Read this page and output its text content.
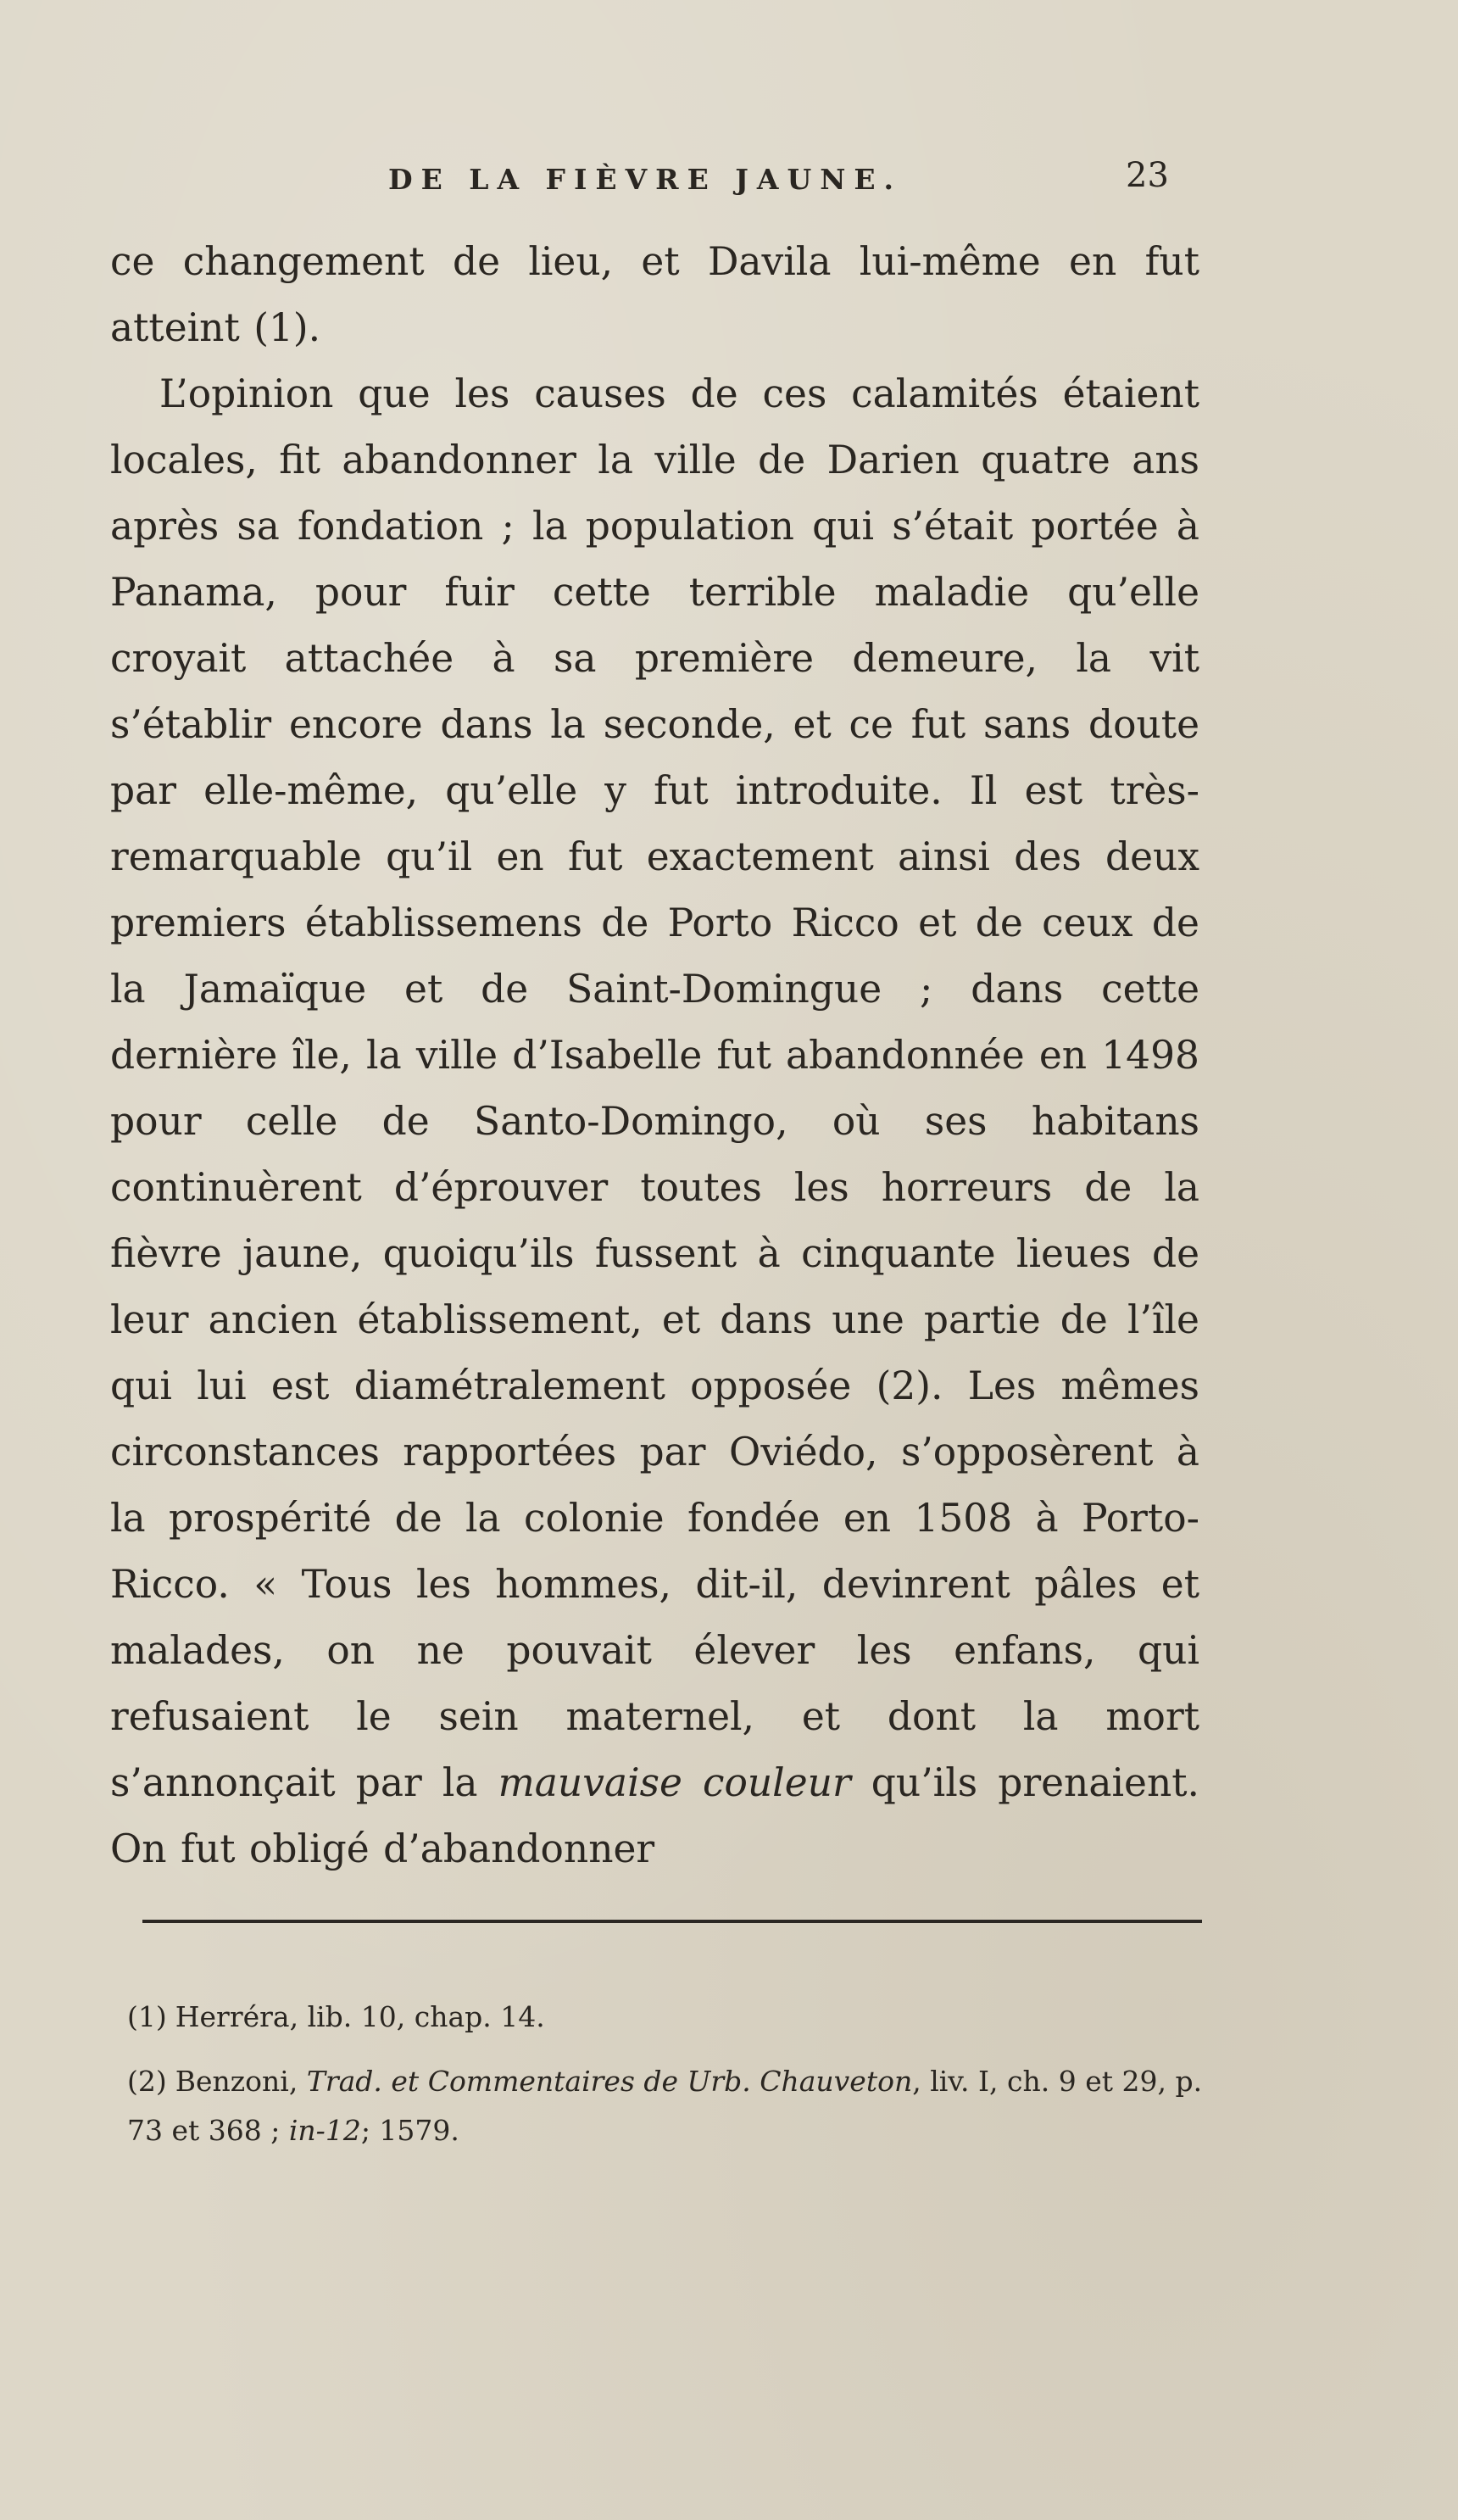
DE LA FIÈVRE JAUNE.	23

ce changement de lieu, et Davila lui-même en fut atteint (1).

L’opinion que les causes de ces calamités étaient locales, fit abandonner la ville de Darien quatre ans après sa fondation ; la population qui s’était portée à Panama, pour fuir cette terrible maladie qu’elle croyait attachée à sa première demeure, la vit s’établir encore dans la seconde, et ce fut sans doute par elle-même, qu’elle y fut introduite. Il est très-remarquable qu’il en fut exactement ainsi des deux premiers établissemens de Porto Ricco et de ceux de la Jamaïque et de Saint-Domingue ; dans cette dernière île, la ville d’Isabelle fut abandonnée en 1498 pour celle de Santo-Domingo, où ses habitans continuèrent d’éprouver toutes les horreurs de la fièvre jaune, quoiqu’ils fussent à cinquante lieues de leur ancien établissement, et dans une partie de l’île qui lui est diamétralement opposée (2). Les mêmes circonstances rapportées par Oviédo, s’opposèrent à la prospérité de la colonie fondée en 1508 à Porto-Ricco. « Tous les hommes, dit-il, devinrent pâles et malades, on ne pouvait élever les enfans, qui refusaient le sein maternel, et dont la mort s’annonçait par la mauvaise couleur qu’ils prenaient. On fut obligé d’abandonner

(1) Herréra, lib. 10, chap. 14.

(2) Benzoni, Trad. et Commentaires de Urb. Chauveton, liv. I, ch. 9 et 29, p. 73 et 368 ; in-12; 1579.
